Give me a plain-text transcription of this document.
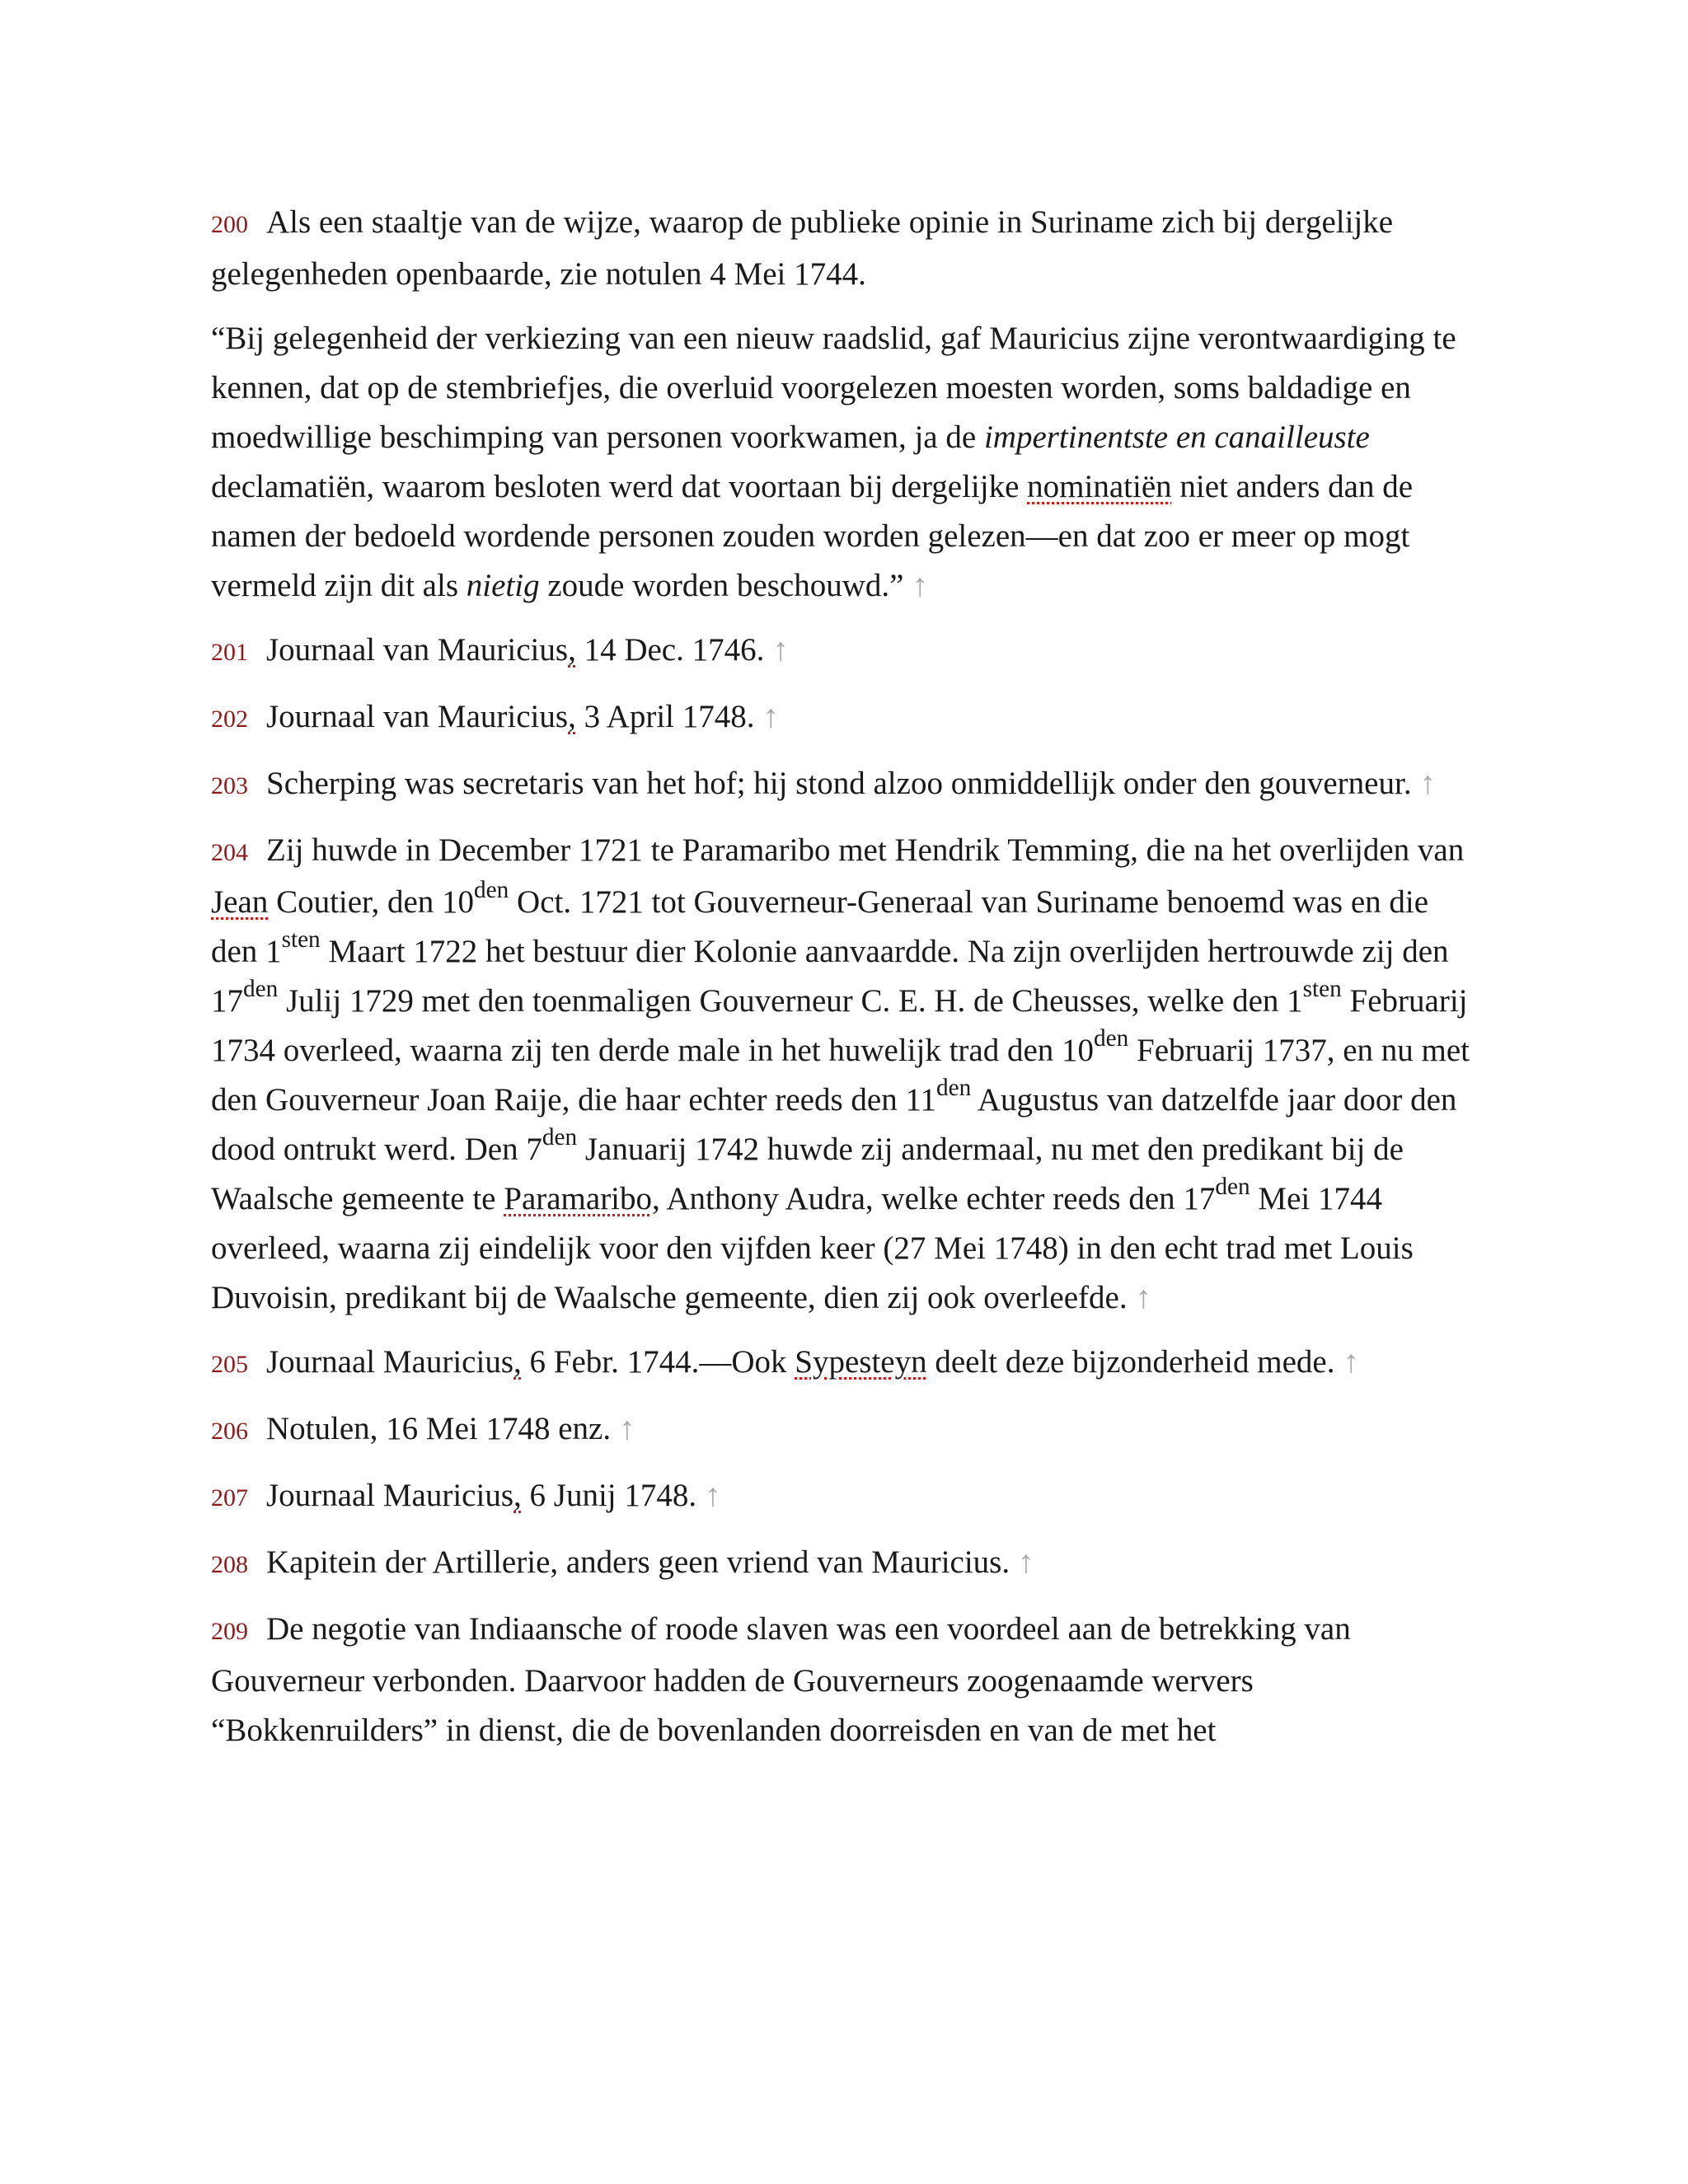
200 Als een staaltje van de wijze, waarop de publieke opinie in Suriname zich bij dergelijke gelegenheden openbaarde, zie notulen 4 Mei 1744.

“Bij gelegenheid der verkiezing van een nieuw raadslid, gaf Mauricius zijne verontwaardiging te kennen, dat op de stembriefjes, die overluid voorgelezen moesten worden, soms baldadige en moedwillige beschimping van personen voorkwamen, ja de impertinentste en canailleuste declamatiën, waarom besloten werd dat voortaan bij dergelijke nominatiën niet anders dan de namen der bedoeld wordende personen zouden worden gelezen—en dat zoo er meer op mogt vermeld zijn dit als nietig zoude worden beschouwd.” ↑

201 Journaal van Mauricius, 14 Dec. 1746. ↑

202 Journaal van Mauricius, 3 April 1748. ↑

203 Scherping was secretaris van het hof; hij stond alzoo onmiddellijk onder den gouverneur. ↑

204 Zij huwde in December 1721 te Paramaribo met Hendrik Temming, die na het overlijden van Jean Coutier, den $10^{den}$ Oct. 1721 tot Gouverneur-Generaal van Suriname benoemd was en die den $1^{sten}$ Maart 1722 het bestuur dier Kolonie aanvaardde. Na zijn overlijden hertrouwde zij den $17^{den}$ Julij 1729 met den toenmaligen Gouverneur C. E. H. de Cheusses, welke den $1^{sten}$ Februarij 1734 overleed, waarna zij ten derde male in het huwelijk trad den $10^{den}$ Februarij 1737, en nu met den Gouverneur Joan Raije, die haar echter reeds den $11^{den}$ Augustus van datzelfde jaar door den dood ontrukt werd. Den $7^{den}$ Januarij 1742 huwde zij andermaal, nu met den predikant bij de Waalsche gemeente te Paramaribo, Anthony Audra, welke echter reeds den $17^{den}$ Mei 1744 overleed, waarna zij eindelijk voor den vijfden keer (27 Mei 1748) in den echt trad met Louis Duvoisin, predikant bij de Waalsche gemeente, dien zij ook overleefde. ↑

205 Journaal Mauricius, 6 Febr. 1744.—Ook Sypesteyn deelt deze bijzonderheid mede. ↑

206 Notulen, 16 Mei 1748 enz. ↑

207 Journaal Mauricius, 6 Junij 1748. ↑

208 Kapitein der Artillerie, anders geen vriend van Mauricius. ↑

209 De negotie van Indiaansche of roode slaven was een voordeel aan de betrekking van Gouverneur verbonden. Daarvoor hadden de Gouverneurs zoogenaamde wervers “Bokkenruilders” in dienst, die de bovenlanden doorreisden en van de met het
